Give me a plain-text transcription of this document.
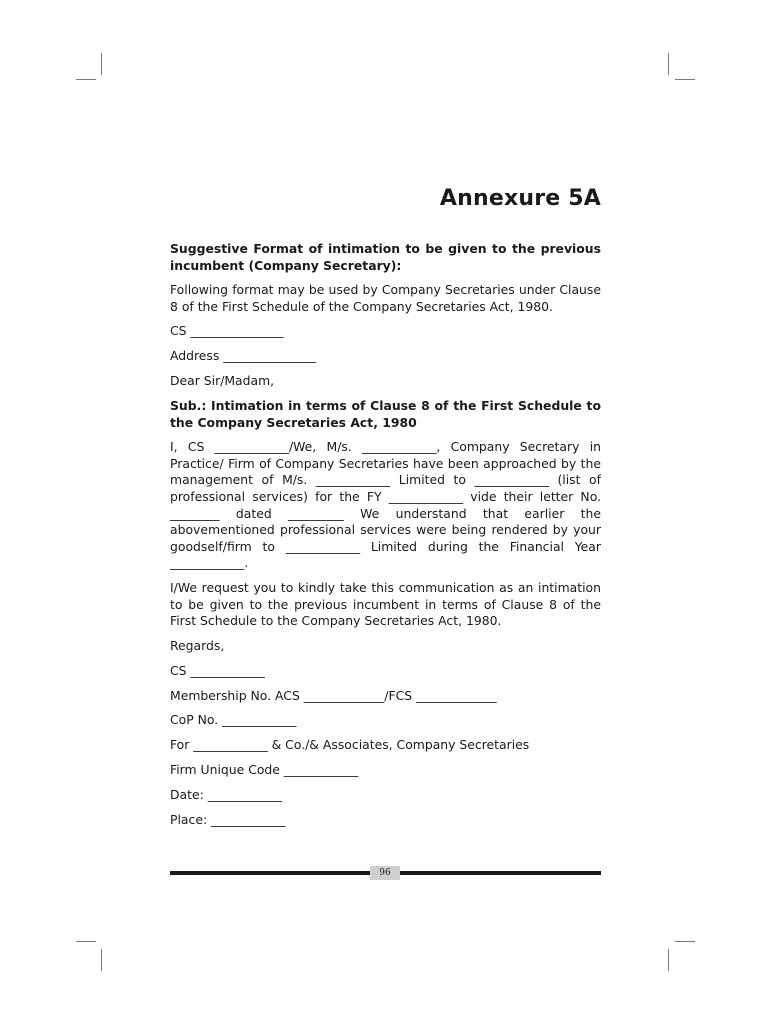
Annexure 5A

Suggestive Format of intimation to be given to the previous incumbent (Company Secretary):

Following format may be used by Company Secretaries under Clause 8 of the First Schedule of the Company Secretaries Act, 1980.

CS _______________

Address _______________

Dear Sir/Madam,

Sub.: Intimation in terms of Clause 8 of the First Schedule to the Company Secretaries Act, 1980

I, CS ____________/We, M/s. ____________, Company Secretary in Practice/ Firm of Company Secretaries have been approached by the management of M/s. ____________ Limited to ____________ (list of professional services) for the FY ____________ vide their letter No. ________ dated _________ We understand that earlier the abovementioned professional services were being rendered by your goodself/firm to ____________ Limited during the Financial Year ____________.

I/We request you to kindly take this communication as an intimation to be given to the previous incumbent in terms of Clause 8 of the First Schedule to the Company Secretaries Act, 1980.

Regards,

CS ____________

Membership No. ACS _____________/FCS _____________

CoP No. ____________

For ____________ & Co./& Associates, Company Secretaries

Firm Unique Code ____________

Date: ____________

Place: ____________

96
